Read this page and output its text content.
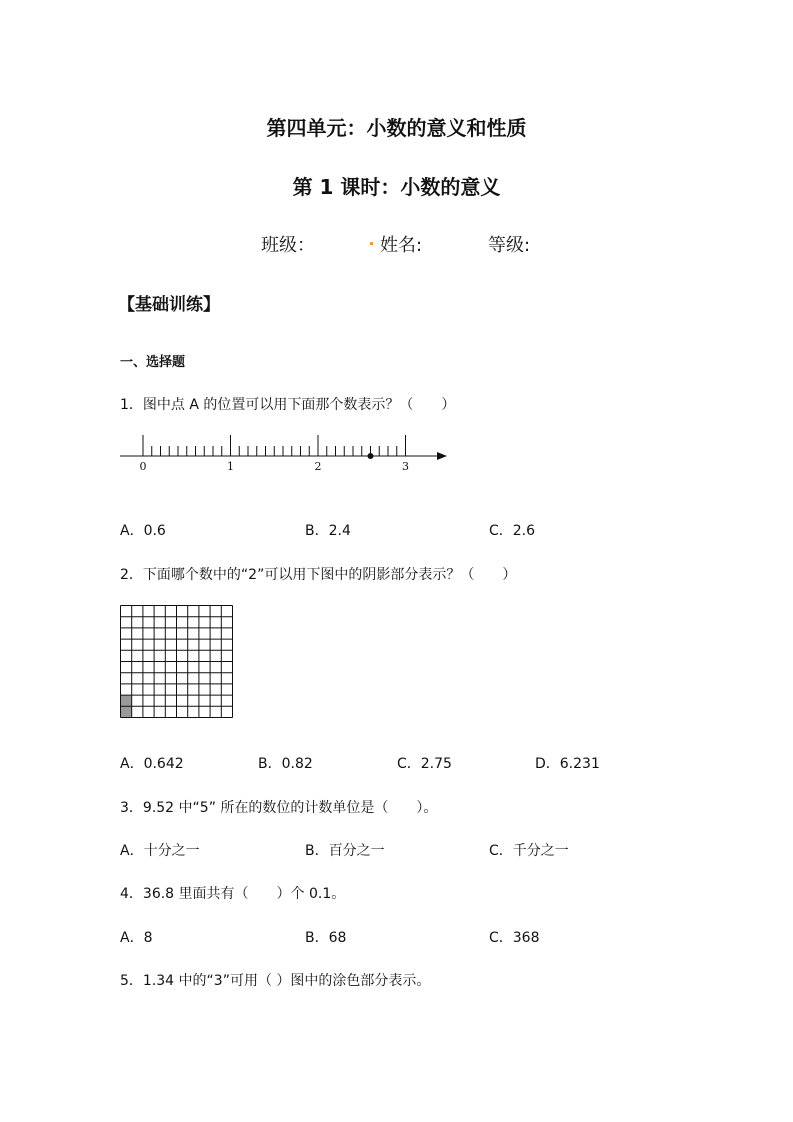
第四单元：小数的意义和性质
第 1 课时：小数的意义
班级：	姓名:	等级:
【基础训练】
一、选择题
1．图中点 A 的位置可以用下面那个数表示？（　　）
0	1	2	3
A．0.6	B．2.4	C．2.6
2．下面哪个数中的“2”可以用下图中的阴影部分表示？（　　）
A．0.642	B．0.82	C．2.75	D．6.231
3．9.52 中“5” 所在的数位的计数单位是（　　）。
A．十分之一	B．百分之一	C．千分之一
4．36.8 里面共有（　　）个 0.1。
A．8	B．68	C．368
5．1.34 中的“3”可用（ ）图中的涂色部分表示。
